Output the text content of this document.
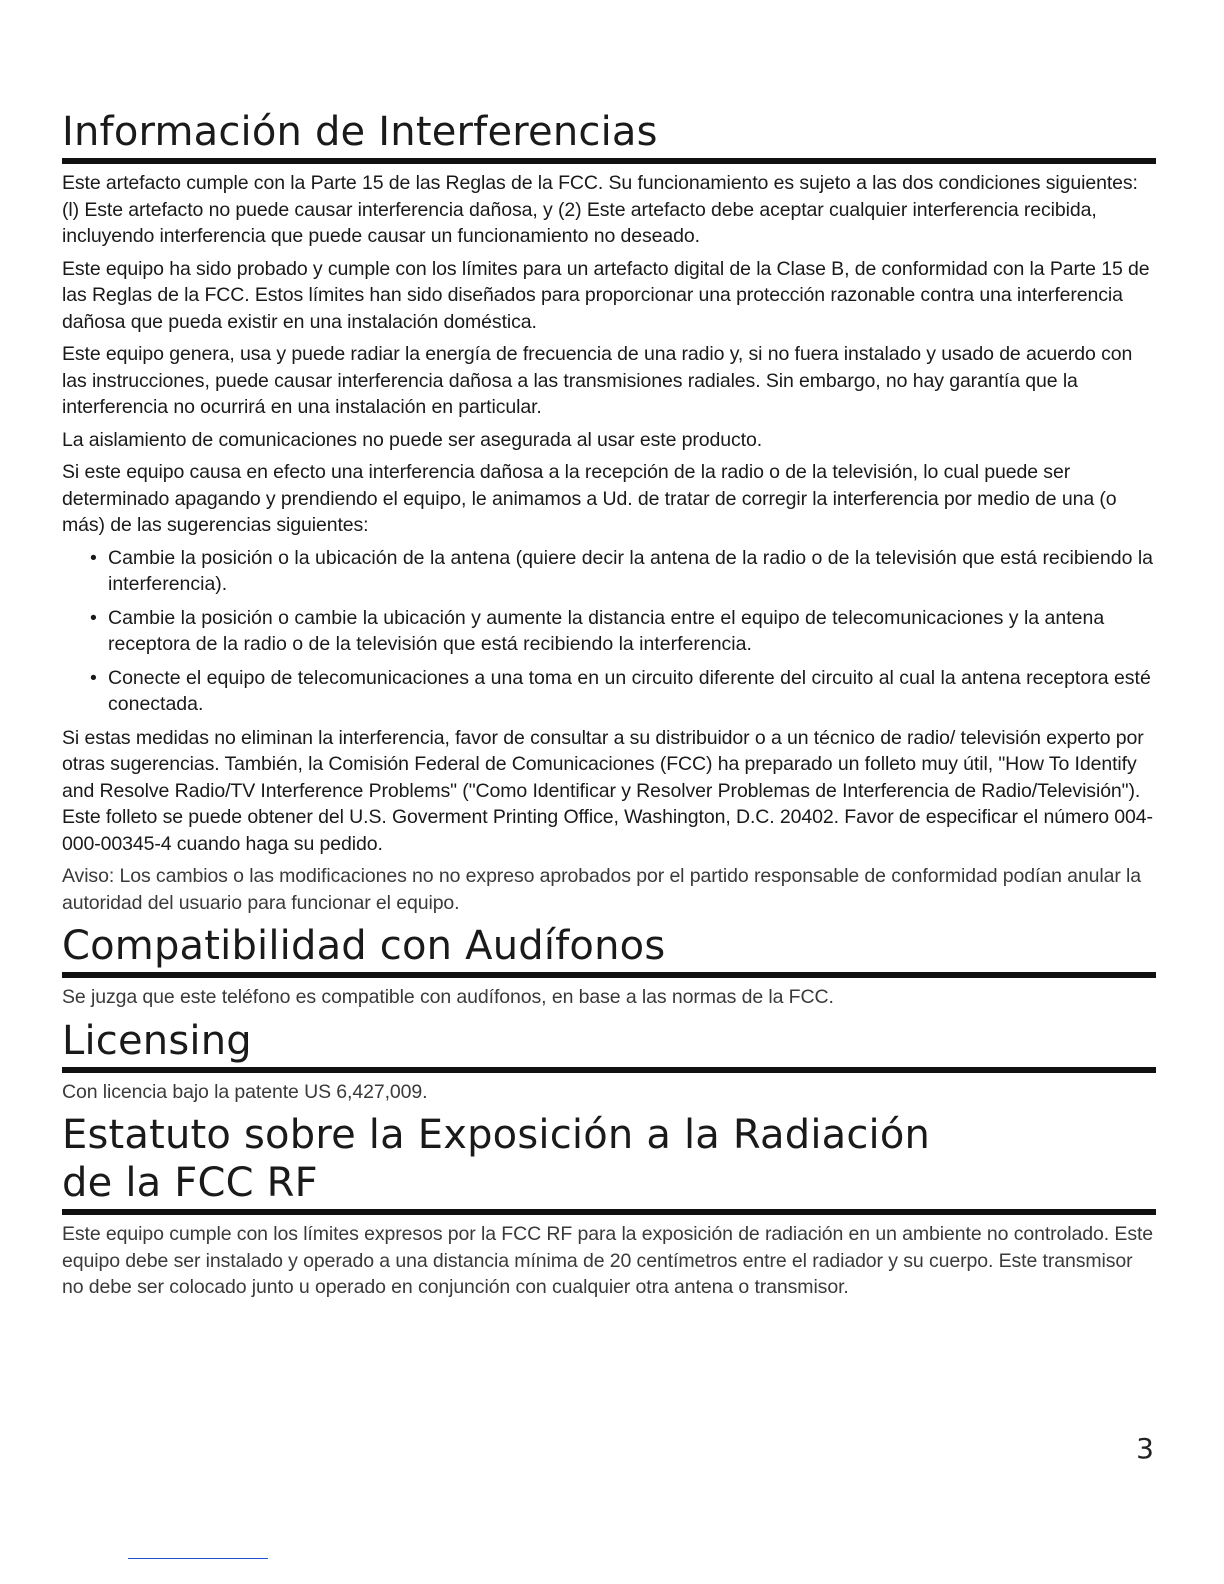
Información de Interferencias

Este artefacto cumple con la Parte 15 de las Reglas de la FCC. Su funcionamiento es sujeto a las dos condiciones siguientes: (l) Este artefacto no puede causar interferencia dañosa, y (2) Este artefacto debe aceptar cualquier interferencia recibida, incluyendo interferencia que puede causar un funcionamiento no deseado.

Este equipo ha sido probado y cumple con los límites para un artefacto digital de la Clase B, de conformidad con la Parte 15 de las Reglas de la FCC. Estos límites han sido diseñados para proporcionar una protección razonable contra una interferencia dañosa que pueda existir en una instalación doméstica.

Este equipo genera, usa y puede radiar la energía de frecuencia de una radio y, si no fuera instalado y usado de acuerdo con las instrucciones, puede causar interferencia dañosa a las transmisiones radiales. Sin embargo, no hay garantía que la interferencia no ocurrirá en una instalación en particular.

La aislamiento de comunicaciones no puede ser asegurada al usar este producto.

Si este equipo causa en efecto una interferencia dañosa a la recepción de la radio o de la televisión, lo cual puede ser determinado apagando y prendiendo el equipo, le animamos a Ud. de tratar de corregir la interferencia por medio de una (o más) de las sugerencias siguientes:

• Cambie la posición o la ubicación de la antena (quiere decir la antena de la radio o de la televisión que está recibiendo la interferencia).
• Cambie la posición o cambie la ubicación y aumente la distancia entre el equipo de telecomunicaciones y la antena receptora de la radio o de la televisión que está recibiendo la interferencia.
• Conecte el equipo de telecomunicaciones a una toma en un circuito diferente del circuito al cual la antena receptora esté conectada.

Si estas medidas no eliminan la interferencia, favor de consultar a su distribuidor o a un técnico de radio/ televisión experto por otras sugerencias. También, la Comisión Federal de Comunicaciones (FCC) ha preparado un folleto muy útil, "How To Identify and Resolve Radio/TV Interference Problems" ("Como Identificar y Resolver Problemas de Interferencia de Radio/Televisión"). Este folleto se puede obtener del U.S. Goverment Printing Office, Washington, D.C. 20402. Favor de especificar el número 004-000-00345-4 cuando haga su pedido.

Aviso: Los cambios o las modificaciones no no expreso aprobados por el partido responsable de conformidad podían anular la autoridad del usuario para funcionar el equipo.

Compatibilidad con Audífonos

Se juzga que este teléfono es compatible con audífonos, en base a las normas de la FCC.

Licensing

Con licencia bajo la patente US 6,427,009.

Estatuto sobre la Exposición a la Radiación
de la FCC RF

Este equipo cumple con los límites expresos por la FCC RF para la exposición de radiación en un ambiente no controlado. Este equipo debe ser instalado y operado a una distancia mínima de 20 centímetros entre el radiador y su cuerpo. Este transmisor no debe ser colocado junto u operado en conjunción con cualquier otra antena o transmisor.

3
